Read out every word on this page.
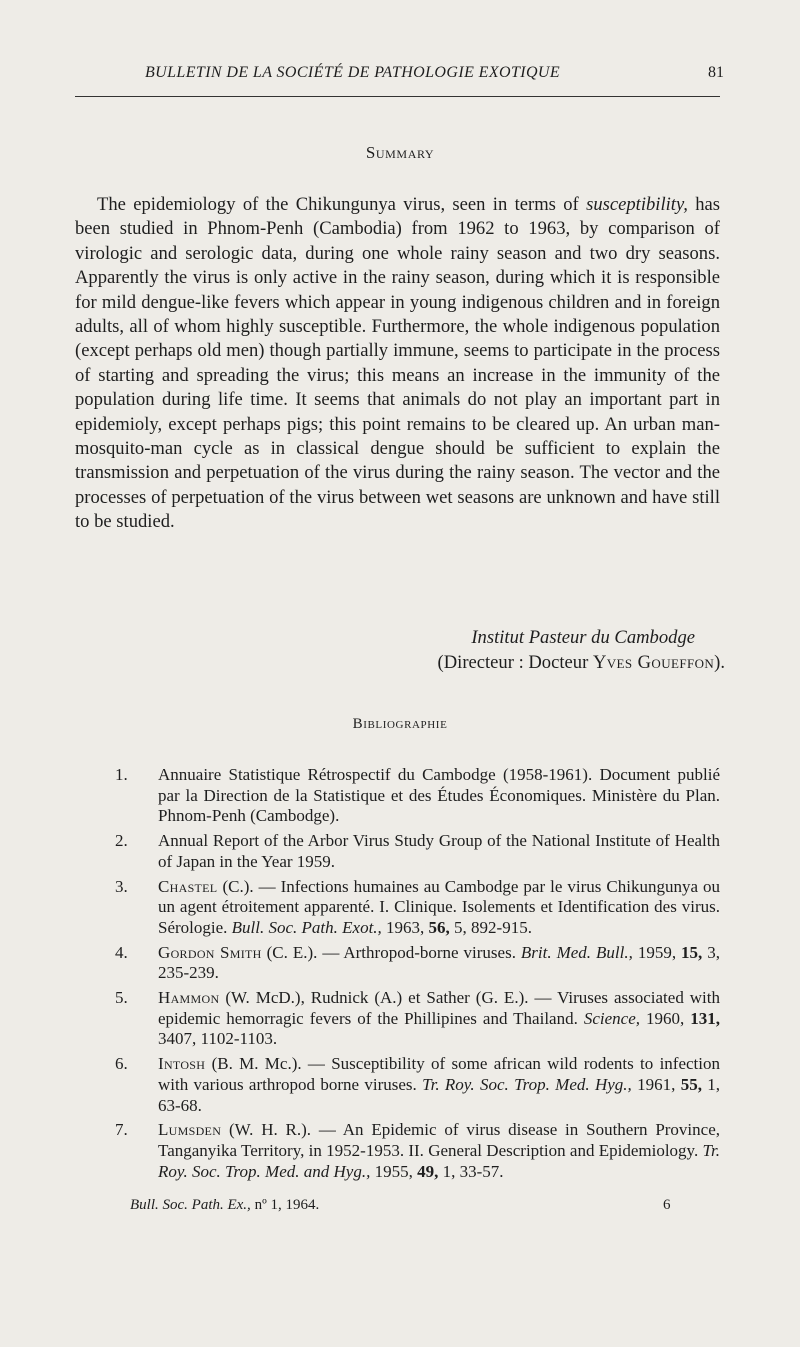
BULLETIN DE LA SOCIÉTÉ DE PATHOLOGIE EXOTIQUE	81
Summary

The epidemiology of the Chikungunya virus, seen in terms of susceptibility, has been studied in Phnom-Penh (Cambodia) from 1962 to 1963, by comparison of virologic and serologic data, during one whole rainy season and two dry seasons. Apparently the virus is only active in the rainy season, during which it is responsible for mild dengue-like fevers which appear in young indigenous children and in foreign adults, all of whom highly susceptible. Furthermore, the whole indigenous population (except perhaps old men) though partially immune, seems to participate in the process of starting and spreading the virus; this means an increase in the immunity of the population during life time. It seems that animals do not play an important part in epidemioly, except perhaps pigs; this point remains to be cleared up. An urban man-mosquito-man cycle as in classical dengue should be sufficient to explain the transmission and perpetuation of the virus during the rainy season. The vector and the processes of perpetuation of the virus between wet seasons are unknown and have still to be studied.

Institut Pasteur du Cambodge
(Directeur : Docteur Yves Goueffon).
Bibliographie
1.	Annuaire Statistique Rétrospectif du Cambodge (1958-1961). Document publié par la Direction de la Statistique et des Études Économiques. Ministère du Plan. Phnom-Penh (Cambodge).
2.	Annual Report of the Arbor Virus Study Group of the National Institute of Health of Japan in the Year 1959.
3.	Chastel (C.). — Infections humaines au Cambodge par le virus Chikungunya ou un agent étroitement apparenté. I. Clinique. Isolements et Identification des virus. Sérologie. Bull. Soc. Path. Exot., 1963, 56, 5, 892-915.
4.	Gordon Smith (C. E.). — Arthropod-borne viruses. Brit. Med. Bull., 1959, 15, 3, 235-239.
5.	Hammon (W. McD.), Rudnick (A.) et Sather (G. E.). — Viruses associated with epidemic hemorragic fevers of the Phillipines and Thailand. Science, 1960, 131, 3407, 1102-1103.
6.	Intosh (B. M. Mc.). — Susceptibility of some african wild rodents to infection with various arthropod borne viruses. Tr. Roy. Soc. Trop. Med. Hyg., 1961, 55, 1, 63-68.
7.	Lumsden (W. H. R.). — An Epidemic of virus disease in Southern Province, Tanganyika Territory, in 1952-1953. II. General Description and Epidemiology. Tr. Roy. Soc. Trop. Med. and Hyg., 1955, 49, 1, 33-57.
Bull. Soc. Path. Ex., nº 1, 1964.	6
